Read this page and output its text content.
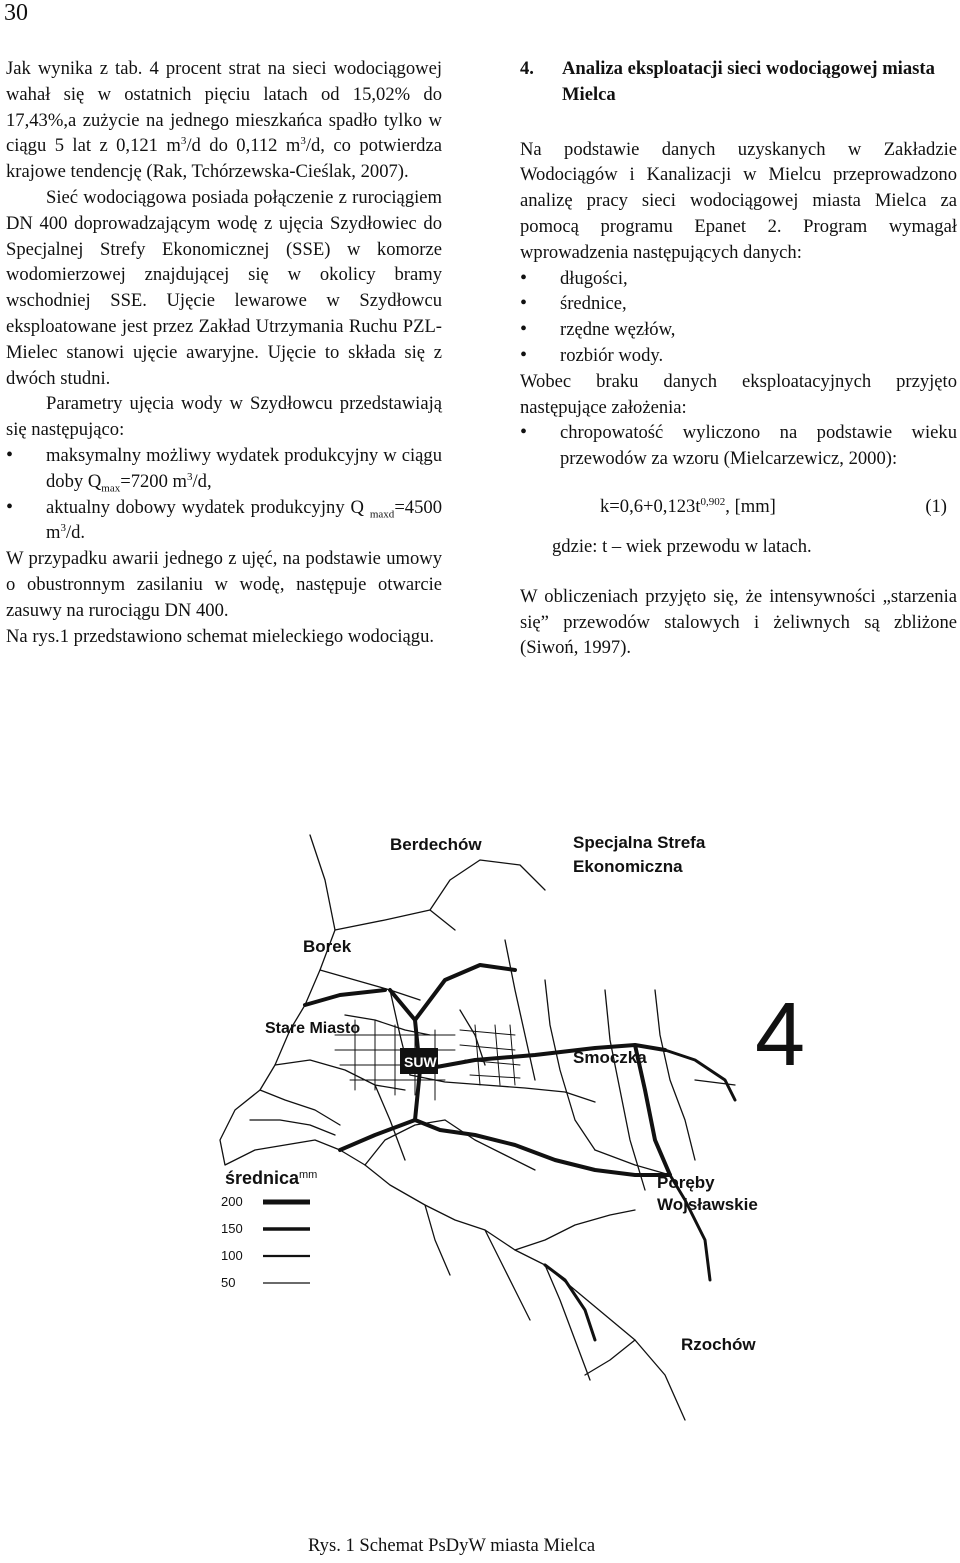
30

Jak wynika z tab. 4 procent strat na sieci wodociągowej wahał się w ostatnich pięciu latach od 15,02% do 17,43%,a zużycie na jednego mieszkańca spadło tylko w ciągu 5 lat z 0,121 $m^3/d$ do 0,112 $m^3/d$, co potwierdza krajowe tendencję (Rak, Tchórzewska-Cieślak, 2007).

Sieć wodociągowa posiada połączenie z rurociągiem DN 400 doprowadzającym wodę z ujęcia Szydłowiec do Specjalnej Strefy Ekonomicznej (SSE) w komorze wodomierzowej znajdującej się w okolicy bramy wschodniej SSE. Ujęcie lewarowe w Szydłowcu eksploatowane jest przez Zakład Utrzymania Ruchu PZL-Mielec stanowi ujęcie awaryjne. Ujęcie to składa się z dwóch studni.

Parametry ujęcia wody w Szydłowcu przedstawiają się następująco:

• maksymalny możliwy wydatek produkcyjny w ciągu doby $Q_{max}=7200$ $m^3/d$,
• aktualny dobowy wydatek produkcyjny Q $_{maxd}$=4500 $m^3/d$.

W przypadku awarii jednego z ujęć, na podstawie umowy o obustronnym zasilaniu w wodę, następuje otwarcie zasuwy na rurociągu DN 400.

Na rys.1 przedstawiono schemat mieleckiego wodociągu.

4.	Analiza eksploatacji sieci wodociągowej miasta Mielca

Na podstawie danych uzyskanych w Zakładzie Wodociągów i Kanalizacji w Mielcu przeprowadzono analizę pracy sieci wodociągowej miasta Mielca za pomocą programu Epanet 2. Program wymagał wprowadzenia następujących danych:

• długości,
• średnice,
• rzędne węzłów,
• rozbiór wody.

Wobec braku danych eksploatacyjnych przyjęto następujące założenia:

• chropowatość wyliczono na podstawie wieku przewodów za wzoru (Mielcarzewicz, 2000):
$k=0,6+0,123t^{0,902}$, [mm]	(1)

gdzie: t – wiek przewodu w latach.

W obliczeniach przyjęto się, że intensywności „starzenia się” przewodów stalowych i żeliwnych są zbliżone (Siwoń, 1997).

SUW
Berdechów	Specjalna Strefa
Ekonomiczna
Borek
Stare Miasto
Smoczka
Poręby
Wojsławskie
Rzochów
4
średnica mm
200
150
100
50
Rys. 1 Schemat PsDyW miasta Mielca
